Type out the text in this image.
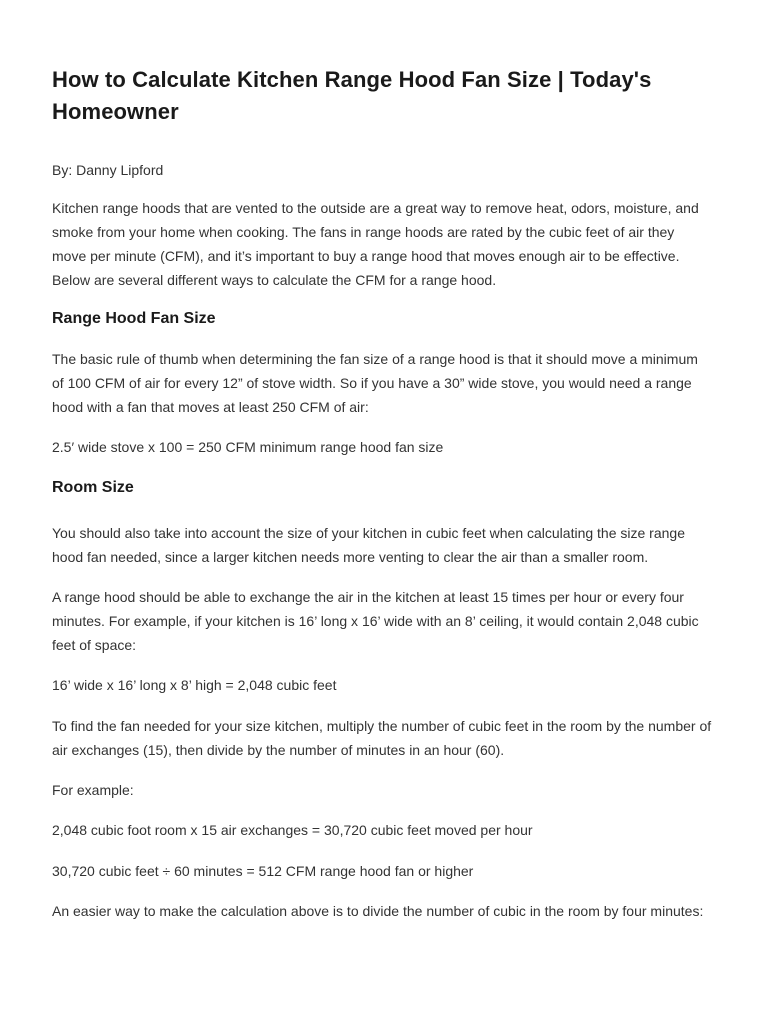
How to Calculate Kitchen Range Hood Fan Size | Today's Homeowner

By: Danny Lipford

Kitchen range hoods that are vented to the outside are a great way to remove heat, odors, moisture, and smoke from your home when cooking. The fans in range hoods are rated by the cubic feet of air they move per minute (CFM), and it’s important to buy a range hood that moves enough air to be effective. Below are several different ways to calculate the CFM for a range hood.

Range Hood Fan Size

The basic rule of thumb when determining the fan size of a range hood is that it should move a minimum of 100 CFM of air for every 12” of stove width. So if you have a 30” wide stove, you would need a range hood with a fan that moves at least 250 CFM of air:

2.5′ wide stove x 100 = 250 CFM minimum range hood fan size

Room Size

You should also take into account the size of your kitchen in cubic feet when calculating the size range hood fan needed, since a larger kitchen needs more venting to clear the air than a smaller room.

A range hood should be able to exchange the air in the kitchen at least 15 times per hour or every four minutes. For example, if your kitchen is 16’ long x 16’ wide with an 8’ ceiling, it would contain 2,048 cubic feet of space:

16’ wide x 16’ long x 8’ high = 2,048 cubic feet

To find the fan needed for your size kitchen, multiply the number of cubic feet in the room by the number of air exchanges (15), then divide by the number of minutes in an hour (60).

For example:

2,048 cubic foot room x 15 air exchanges = 30,720 cubic feet moved per hour

30,720 cubic feet ÷ 60 minutes = 512 CFM range hood fan or higher

An easier way to make the calculation above is to divide the number of cubic in the room by four minutes:
